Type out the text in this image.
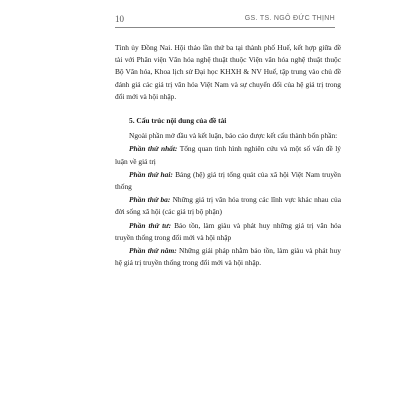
10	GS. TS. NGÔ ĐỨC THỊNH

Tỉnh ủy Đồng Nai. Hội thảo lần thứ ba tại thành phố Huế, kết hợp giữa đề tài với Phân viện Văn hóa nghệ thuật thuộc Viện văn hóa nghệ thuật thuộc Bộ Văn hóa, Khoa lịch sử Đại học KHXH & NV Huế, tập trung vào chủ đề đánh giá các giá trị văn hóa Việt Nam và sự chuyển đổi của hệ giá trị trong đổi mới và hội nhập.

5. Cấu trúc nội dung của đề tài

Ngoài phần mở đầu và kết luận, báo cáo được kết cấu thành bốn phần:

Phần thứ nhất: Tổng quan tình hình nghiên cứu và một số vấn đề lý luận về giá trị

Phần thứ hai: Bảng (hệ) giá trị tổng quát của xã hội Việt Nam truyền thống

Phần thứ ba: Những giá trị văn hóa trong các lĩnh vực khác nhau của đời sống xã hội (các giá trị bộ phận)

Phần thứ tư: Bảo tồn, làm giàu và phát huy những giá trị văn hóa truyền thống trong đổi mới và hội nhập

Phần thứ năm: Những giải pháp nhằm bảo tồn, làm giàu và phát huy hệ giá trị truyền thống trong đổi mới và hội nhập.
